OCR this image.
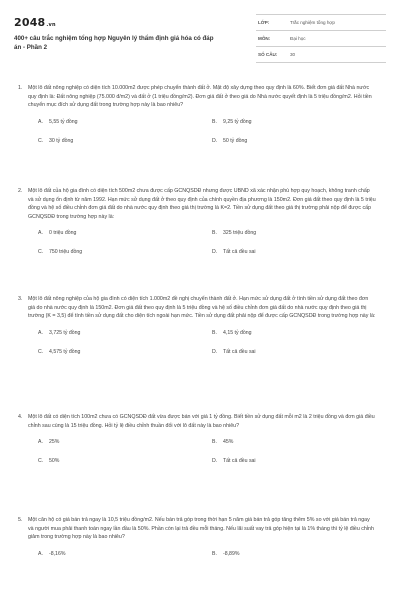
2048.vn
400+ câu trắc nghiệm tổng hợp Nguyên lý thẩm định giá hóa có đáp án - Phần 2
LỚP:	Trắc nghiệm tổng hợp
MÔN:	Đại học
SỐ CÂU:	30
1.	Một lô đất nông nghiệp có diện tích 10.000m2 được phép chuyển thành đất ở. Mật độ xây dựng theo quy định là 60%. Biết đơn giá đất Nhà nước quy định là: Đất nông nghiệp (75.000 đ/m2) và đất ở (1 triệu đồng/m2). Đơn giá đất ở theo giá do Nhà nước quyết định là 5 triệu đồng/m2. Hỏi tiền chuyển mục đích sử dụng đất trong trường hợp này là bao nhiêu?
A.	5,55 tỷ đồng	B.	9,25 tỷ đồng
C.	30 tỷ đồng	D.	50 tỷ đồng
2.	Một lô đất của hộ gia đình có diện tích 500m2 chưa được cấp GCNQSDĐ nhưng được UBND xã xác nhận phù hợp quy hoạch, không tranh chấp và sử dụng ổn định từ năm 1992. Hạn mức sử dụng đất ở theo quy định của chính quyền địa phương là 150m2. Đơn giá đất theo quy định là 5 triệu đồng và hệ số điều chỉnh đơn giá đất do nhà nước quy định theo giá thị trường là K=2. Tiền sử dụng đất theo giá thị trường phải nộp để được cấp GCNQSDĐ trong trường hợp này là:
A.	0 triệu đồng	B.	325 triệu đồng
C.	750 triệu đồng	D.	Tất cả đều sai
3.	Một lô đất nông nghiệp của hộ gia đình có diện tích 1.000m2 đề nghị chuyển thành đất ở. Hạn mức sử dụng đất ở tính tiền sử dụng đất theo đơn giá do nhà nước quy định là 150m2. Đơn giá đất theo quy định là 5 triệu đồng và hệ số điều chỉnh đơn giá đất do nhà nước quy định theo giá thị trường (K = 3,5) để tính tiền sử dụng đất cho diện tích ngoài hạn mức. Tiền sử dụng đất phải nộp để được cấp GCNQSDĐ trong trường hợp này là:
A.	3,725 tỷ đồng	B.	4,15 tỷ đồng
C.	4,575 tỷ đồng	D.	Tất cả đều sai
4.	Một lô đất có diện tích 100m2 chưa có GCNQSDĐ đất vừa được bán với giá 1 tỷ đồng. Biết tiền sử dụng đất mỗi m2 là 2 triệu đồng và đơn giá điều chỉnh sau cùng là 15 triệu đồng. Hỏi tỷ lệ điều chỉnh thuần đối với lô đất này là bao nhiêu?
A.	25%	B.	45%
C.	50%	D.	Tất cả đều sai
5.	Một căn hộ có giá bán trả ngay là 10,5 triệu đồng/m2. Nếu bán trả góp trong thời hạn 5 năm giá bán trả góp tăng thêm 5% so với giá bán trả ngay và người mua phải thanh toán ngay lần đầu là 50%. Phần còn lại trả đều mỗi tháng. Nếu lãi suất vay trả góp hiện tại là 1% tháng thì tỷ lệ điều chỉnh giảm trong trường hợp này là bao nhiêu?
A.	-8,16%	B.	-8,89%
